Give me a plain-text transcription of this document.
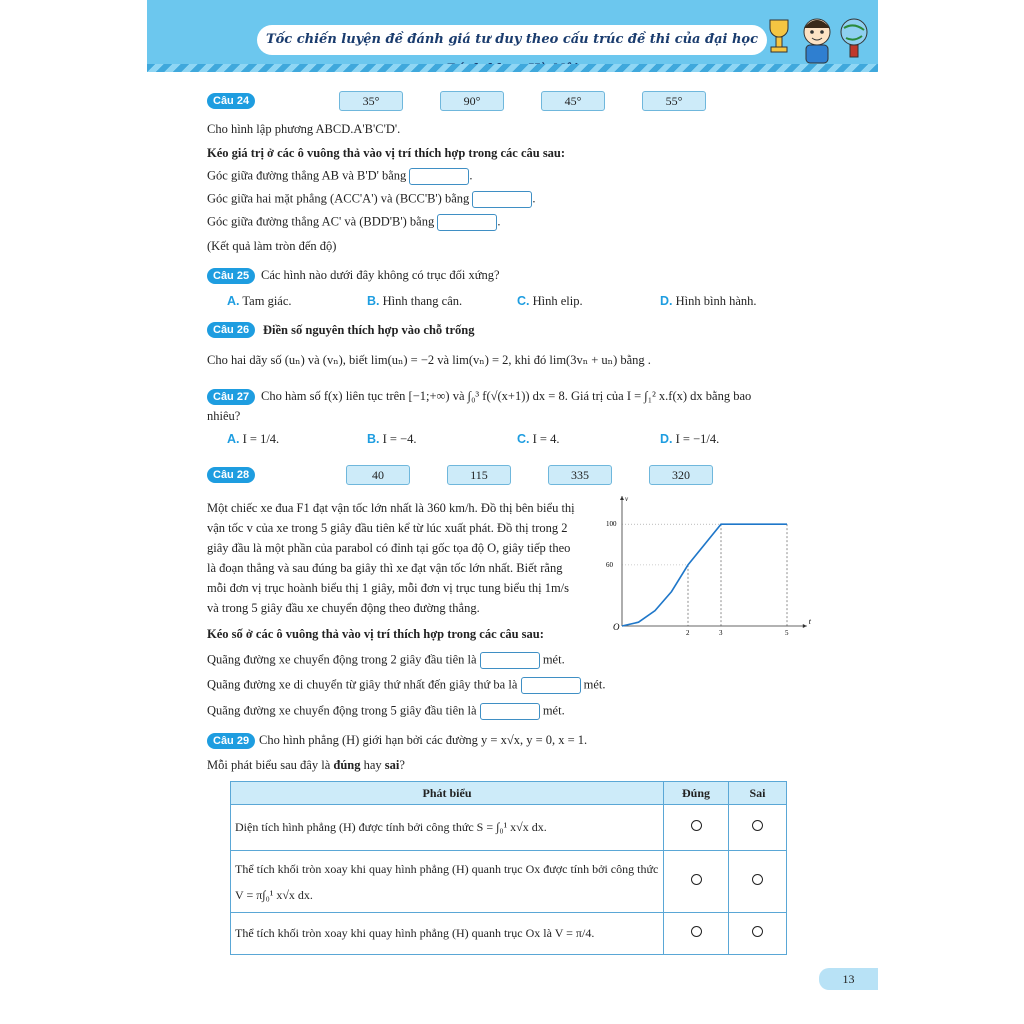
Tốc chiến luyện đề đánh giá tư duy theo cấu trúc đề thi của đại học
Câu 24	35°	90°	45°	55°
Cho hình lập phương ABCD.A'B'C'D'.
Kéo giá trị ở các ô vuông thả vào vị trí thích hợp trong các câu sau:
Góc giữa đường thẳng AB và B'D' bằng	.
Góc giữa hai mặt phẳng (ACC'A') và (BCC'B') bằng	.
Góc giữa đường thẳng AC' và (BDD'B') bằng	.
(Kết quả làm tròn đến độ)
Câu 25 Các hình nào dưới đây không có trục đối xứng?
A. Tam giác.	B. Hình thang cân.	C. Hình elip.	D. Hình bình hành.
Câu 26	Điền số nguyên thích hợp vào chỗ trống
Cho hai dãy số (uₙ) và (vₙ), biết lim(uₙ) = −2 và lim(vₙ) = 2, khi đó lim(3vₙ + uₙ) bằng .
Câu 27 Cho hàm số f(x) liên tục trên [−1;+∞) và ∫₀³ f(√(x+1)) dx = 8. Giá trị của I = ∫₁² x.f(x) dx bằng bao
nhiêu?
A. I = 1/4.	B. I = −4.	C. I = 4.	D. I = −1/4.
Câu 28	40	115	335	320
Một chiếc xe đua F1 đạt vận tốc lớn nhất là 360 km/h. Đồ thị bên biểu thị
vận tốc v của xe trong 5 giây đầu tiên kể từ lúc xuất phát. Đồ thị trong 2
giây đầu là một phần của parabol có đỉnh tại gốc tọa độ O, giây tiếp theo
là đoạn thẳng và sau đúng ba giây thì xe đạt vận tốc lớn nhất. Biết rằng
mỗi đơn vị trục hoành biểu thị 1 giây, mỗi đơn vị trục tung biểu thị 1m/s
và trong 5 giây đầu xe chuyển động theo đường thẳng.
Kéo số ở các ô vuông thả vào vị trí thích hợp trong các câu sau:
Quãng đường xe chuyển động trong 2 giây đầu tiên là	mét.
Quãng đường xe di chuyển từ giây thứ nhất đến giây thứ ba là	mét.
Quãng đường xe chuyển động trong 5 giây đầu tiên là	mét.
t
v
O
2	3	5
60
100
Câu 29 Cho hình phẳng (H) giới hạn bởi các đường y = x√x, y = 0, x = 1.
Mỗi phát biểu sau đây là đúng hay sai?
Phát biểu	Đúng	Sai
Diện tích hình phẳng (H) được tính bởi công thức S = ∫₀¹ x√x dx.		
Thể tích khối tròn xoay khi quay hình phẳng (H) quanh trục Ox được tính bởi công thức V = π∫₀¹ x√x dx.		
Thể tích khối tròn xoay khi quay hình phẳng (H) quanh trục Ox là V = π/4.		
13
